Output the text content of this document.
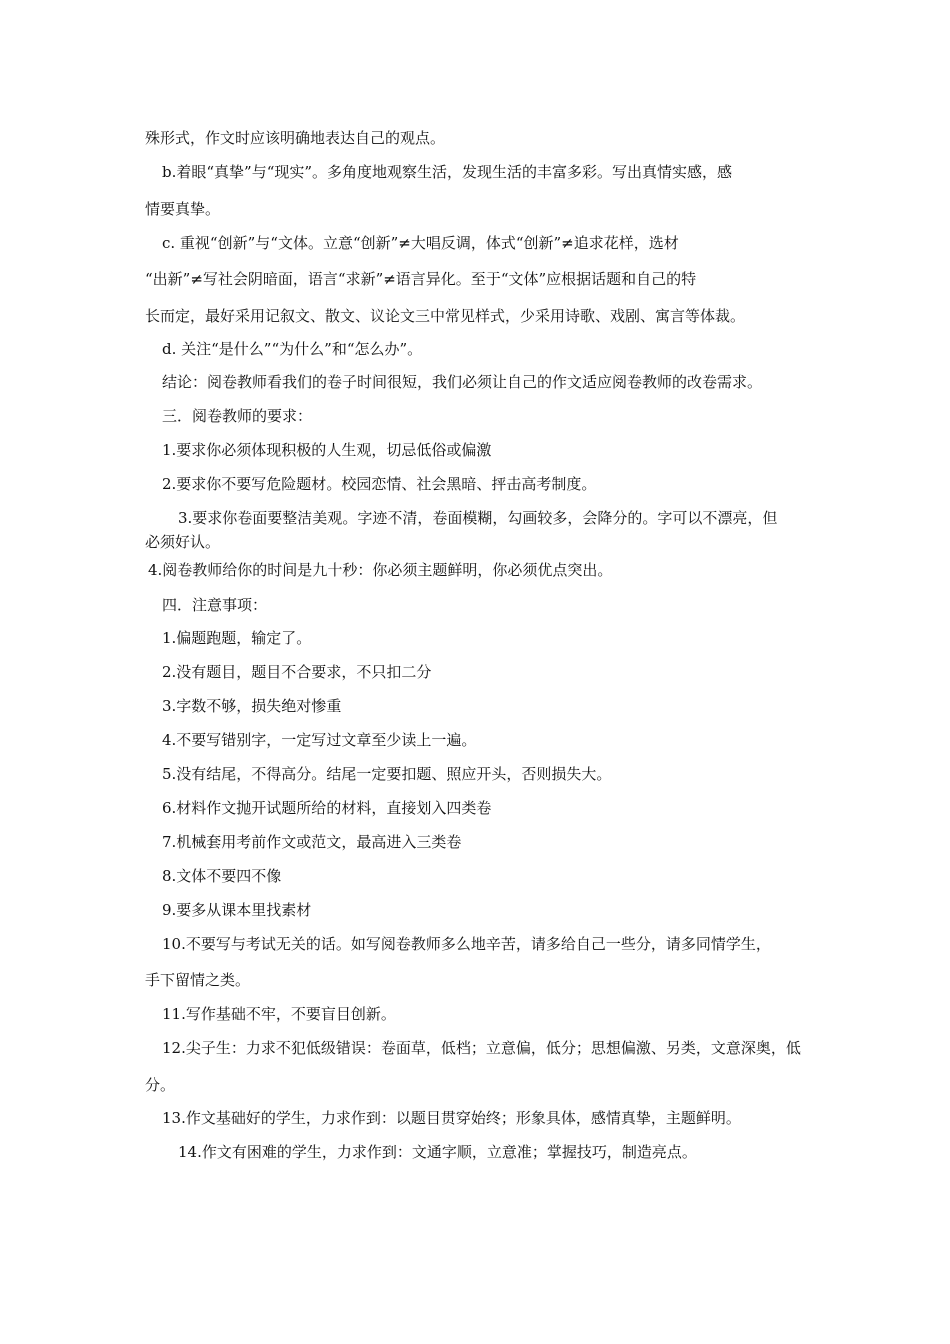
殊形式，作文时应该明确地表达自己的观点。
b.着眼“真挚”与“现实”。多角度地观察生活，发现生活的丰富多彩。写出真情实感，感
情要真挚。
c. 重视“创新”与“文体。立意“创新”≠大唱反调，体式“创新”≠追求花样，选材
“出新”≠写社会阴暗面，语言“求新”≠语言异化。至于“文体”应根据话题和自己的特
长而定，最好采用记叙文、散文、议论文三中常见样式，少采用诗歌、戏剧、寓言等体裁。
d. 关注“是什么”“为什么”和“怎么办”。
结论：阅卷教师看我们的卷子时间很短，我们必须让自己的作文适应阅卷教师的改卷需求。
三．阅卷教师的要求：
1.要求你必须体现积极的人生观，切忌低俗或偏激
2.要求你不要写危险题材。校园恋情、社会黑暗、抨击高考制度。
3.要求你卷面要整洁美观。字迹不清，卷面模糊，勾画较多，会降分的。字可以不漂亮，但
必须好认。
4.阅卷教师给你的时间是九十秒：你必须主题鲜明，你必须优点突出。
四．注意事项：
1.偏题跑题，输定了。
2.没有题目，题目不合要求，不只扣二分
3.字数不够，损失绝对惨重
4.不要写错别字，一定写过文章至少读上一遍。
5.没有结尾，不得高分。结尾一定要扣题、照应开头，否则损失大。
6.材料作文抛开试题所给的材料，直接划入四类卷
7.机械套用考前作文或范文，最高进入三类卷
8.文体不要四不像
9.要多从课本里找素材
10.不要写与考试无关的话。如写阅卷教师多么地辛苦，请多给自己一些分，请多同情学生，
手下留情之类。
11.写作基础不牢，不要盲目创新。
12.尖子生：力求不犯低级错误：卷面草，低档；立意偏，低分；思想偏激、另类，文意深奥，低
分。
13.作文基础好的学生，力求作到：以题目贯穿始终；形象具体，感情真挚，主题鲜明。
14.作文有困难的学生，力求作到：文通字顺，立意准；掌握技巧，制造亮点。
